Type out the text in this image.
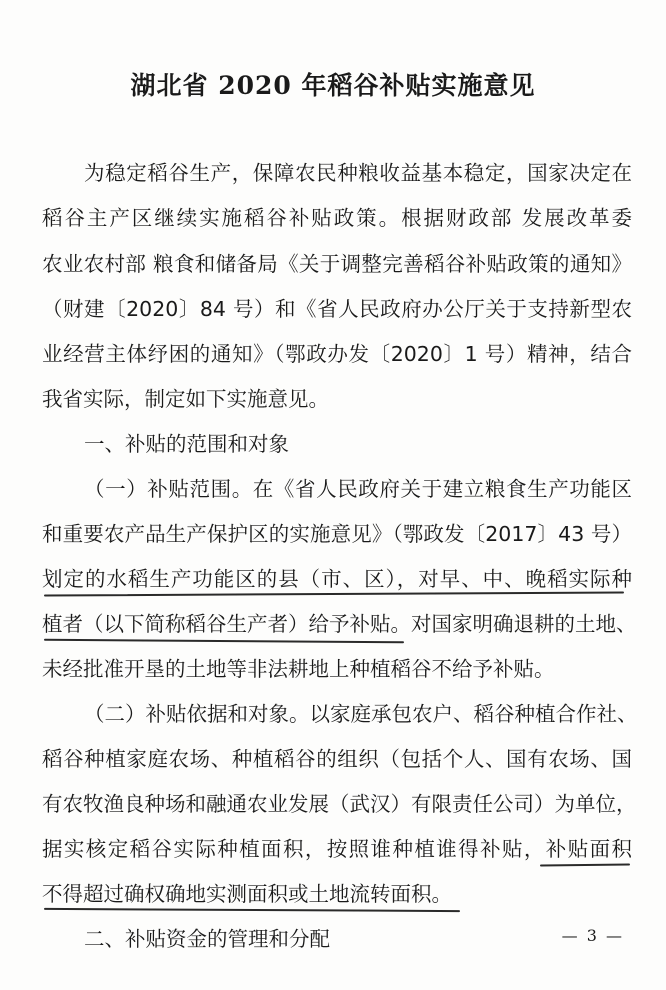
湖北省 2020 年稻谷补贴实施意见
为稳定稻谷生产，保障农民种粮收益基本稳定，国家决定在
稻谷主产区继续实施稻谷补贴政策。根据财政部 发展改革委
农业农村部 粮食和储备局《关于调整完善稻谷补贴政策的通知》
（财建〔2020〕84 号）和《省人民政府办公厅关于支持新型农
业经营主体纾困的通知》（鄂政办发〔2020〕1 号）精神，结合
我省实际，制定如下实施意见。
一、补贴的范围和对象
（一）补贴范围。在《省人民政府关于建立粮食生产功能区
和重要农产品生产保护区的实施意见》（鄂政发〔2017〕43 号）
划定的水稻生产功能区的县（市、区），对早、中、晚稻实际种
植者（以下简称稻谷生产者）给予补贴。对国家明确退耕的土地、
未经批准开垦的土地等非法耕地上种植稻谷不给予补贴。
（二）补贴依据和对象。以家庭承包农户、稻谷种植合作社、
稻谷种植家庭农场、种植稻谷的组织（包括个人、国有农场、国
有农牧渔良种场和融通农业发展（武汉）有限责任公司）为单位，
据实核定稻谷实际种植面积，按照谁种植谁得补贴，补贴面积
不得超过确权确地实测面积或土地流转面积。
二、补贴资金的管理和分配	— 3 —
